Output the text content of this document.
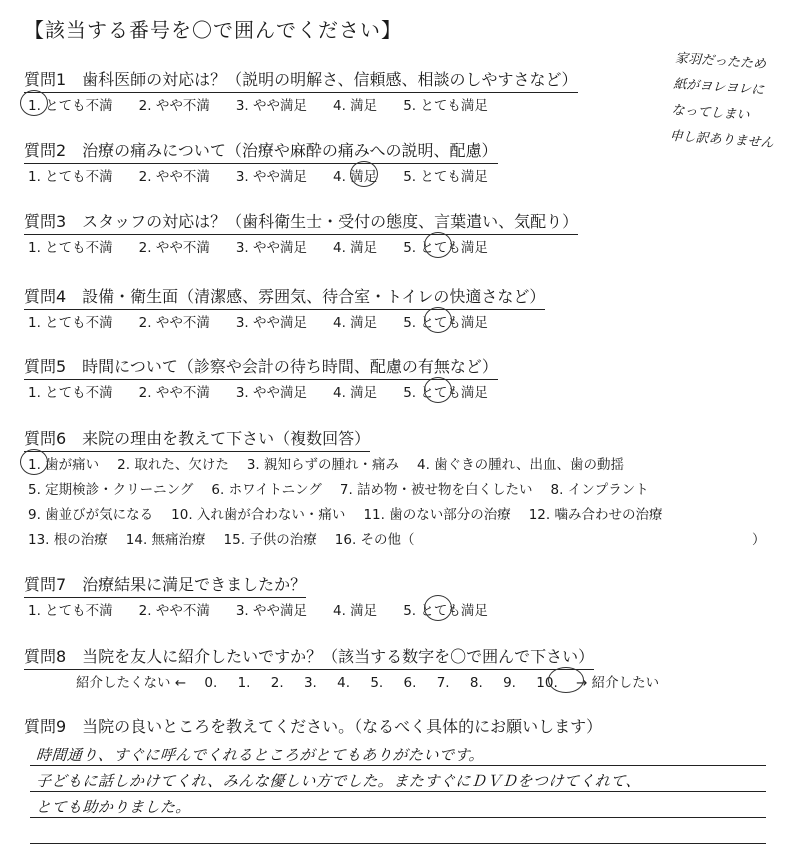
【該当する番号を〇で囲んでください】
家羽だったため
紙がヨレヨレに
なってしまい
申し訳ありません
質問1　歯科医師の対応は？（説明の明解さ、信頼感、相談のしやすさなど）
1. とても不満 2. やや不満 3. やや満足 4. 満足 5. とても満足
質問2　治療の痛みについて（治療や麻酔の痛みへの説明、配慮）
1. とても不満 2. やや不満 3. やや満足 4. 満足 5. とても満足
質問3　スタッフの対応は？（歯科衛生士・受付の態度、言葉遣い、気配り）
1. とても不満 2. やや不満 3. やや満足 4. 満足 5. とても満足
質問4　設備・衛生面（清潔感、雰囲気、待合室・トイレの快適さなど）
1. とても不満 2. やや不満 3. やや満足 4. 満足 5. とても満足
質問5　時間について（診察や会計の待ち時間、配慮の有無など）
1. とても不満 2. やや不満 3. やや満足 4. 満足 5. とても満足
質問6　来院の理由を教えて下さい（複数回答）
1. 歯が痛い 2. 取れた、欠けた 3. 親知らずの腫れ・痛み 4. 歯ぐきの腫れ、出血、歯の動揺
5. 定期検診・クリーニング 6. ホワイトニング 7. 詰め物・被せ物を白くしたい 8. インプラント
9. 歯並びが気になる 10. 入れ歯が合わない・痛い 11. 歯のない部分の治療 12. 噛み合わせの治療
13. 根の治療 14. 無痛治療 15. 子供の治療 16. その他（	）
質問7　治療結果に満足できましたか？
1. とても不満 2. やや不満 3. やや満足 4. 満足 5. とても満足
質問8　当院を友人に紹介したいですか？（該当する数字を〇で囲んで下さい）
紹介したくない ← 0. 1. 2. 3. 4. 5. 6. 7. 8. 9. 10. → 紹介したい
質問9　当院の良いところを教えてください。（なるべく具体的にお願いします）
時間通り、すぐに呼んでくれるところがとてもありがたいです。
子どもに話しかけてくれ、みんな優しい方でした。またすぐにＤＶＤをつけてくれて、
とても助かりました。
